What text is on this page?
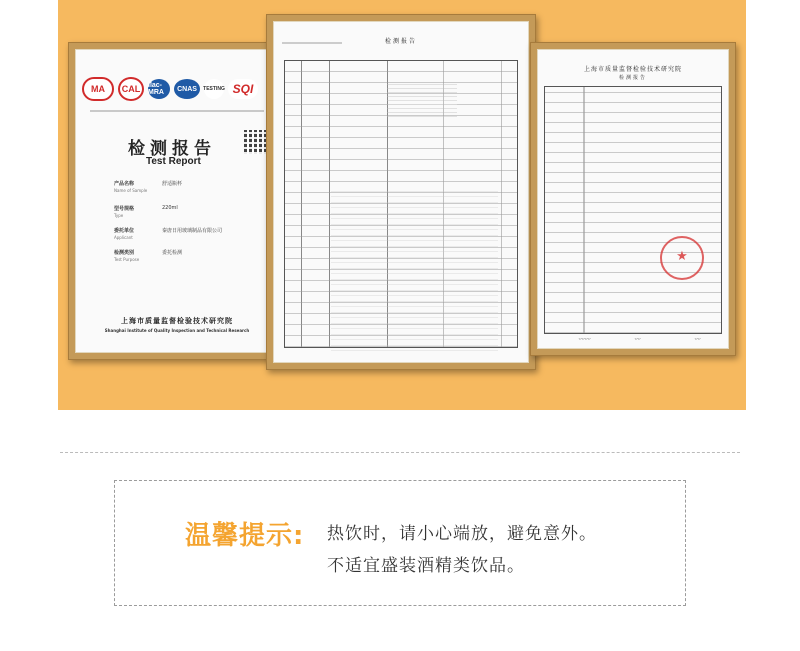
MA	CAL	ilac-MRA	CNAS	TESTING SQI
检测报告
Test Report
产品名称	舒适瓶杯
Name of Sample
型号规格	220ml
Type
委托单位	秦唐日用玻璃制品有限公司
Applicant
检测类别	委托检测
Test Purpose
上海市质量监督检验技术研究院
Shanghai Institute of Quality Inspection and Technical Research
检测报告
上海市质量监督检验技术研究院
检测报告
★
〰〰	〰	〰
温馨提示: 热饮时，请小心端放，避免意外。
不适宜盛装酒精类饮品。
